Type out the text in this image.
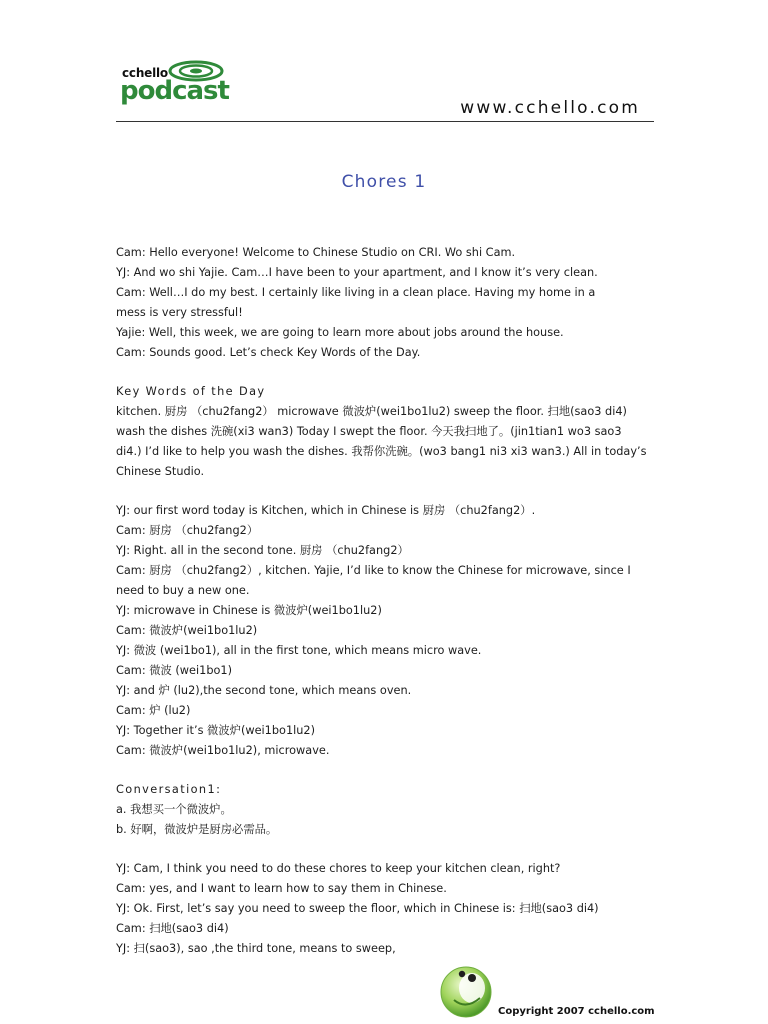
cchello
podcast
www.cchello.com
Chores 1
Cam: Hello everyone! Welcome to Chinese Studio on CRI. Wo shi Cam.
YJ: And wo shi Yajie. Cam…I have been to your apartment, and I know it’s very clean.
Cam: Well…I do my best. I certainly like living in a clean place. Having my home in a
mess is very stressful!
Yajie: Well, this week, we are going to learn more about jobs around the house.
Cam: Sounds good. Let’s check Key Words of the Day.
Key Words of the Day
kitchen. 厨房 （chu2fang2） microwave 微波炉(wei1bo1lu2) sweep the floor. 扫地(sao3 di4)
wash the dishes 洗碗(xi3 wan3) Today I swept the floor. 今天我扫地了。(jin1tian1 wo3 sao3
di4.) I’d like to help you wash the dishes. 我帮你洗碗。(wo3 bang1 ni3 xi3 wan3.) All in today’s
Chinese Studio.
YJ: our first word today is Kitchen, which in Chinese is 厨房 （chu2fang2）.
Cam: 厨房 （chu2fang2）
YJ: Right. all in the second tone. 厨房 （chu2fang2）
Cam: 厨房 （chu2fang2）, kitchen. Yajie, I’d like to know the Chinese for microwave, since I
need to buy a new one.
YJ: microwave in Chinese is 微波炉(wei1bo1lu2)
Cam: 微波炉(wei1bo1lu2)
YJ: 微波 (wei1bo1), all in the first tone, which means micro wave.
Cam: 微波 (wei1bo1)
YJ: and 炉 (lu2),the second tone, which means oven.
Cam: 炉 (lu2)
YJ: Together it’s 微波炉(wei1bo1lu2)
Cam: 微波炉(wei1bo1lu2), microwave.
Conversation1:
a. 我想买一个微波炉。
b. 好啊，微波炉是厨房必需品。
YJ: Cam, I think you need to do these chores to keep your kitchen clean, right?
Cam: yes, and I want to learn how to say them in Chinese.
YJ: Ok. First, let’s say you need to sweep the floor, which in Chinese is: 扫地(sao3 di4)
Cam: 扫地(sao3 di4)
YJ: 扫(sao3), sao ,the third tone, means to sweep,
Copyright 2007 cchello.com
